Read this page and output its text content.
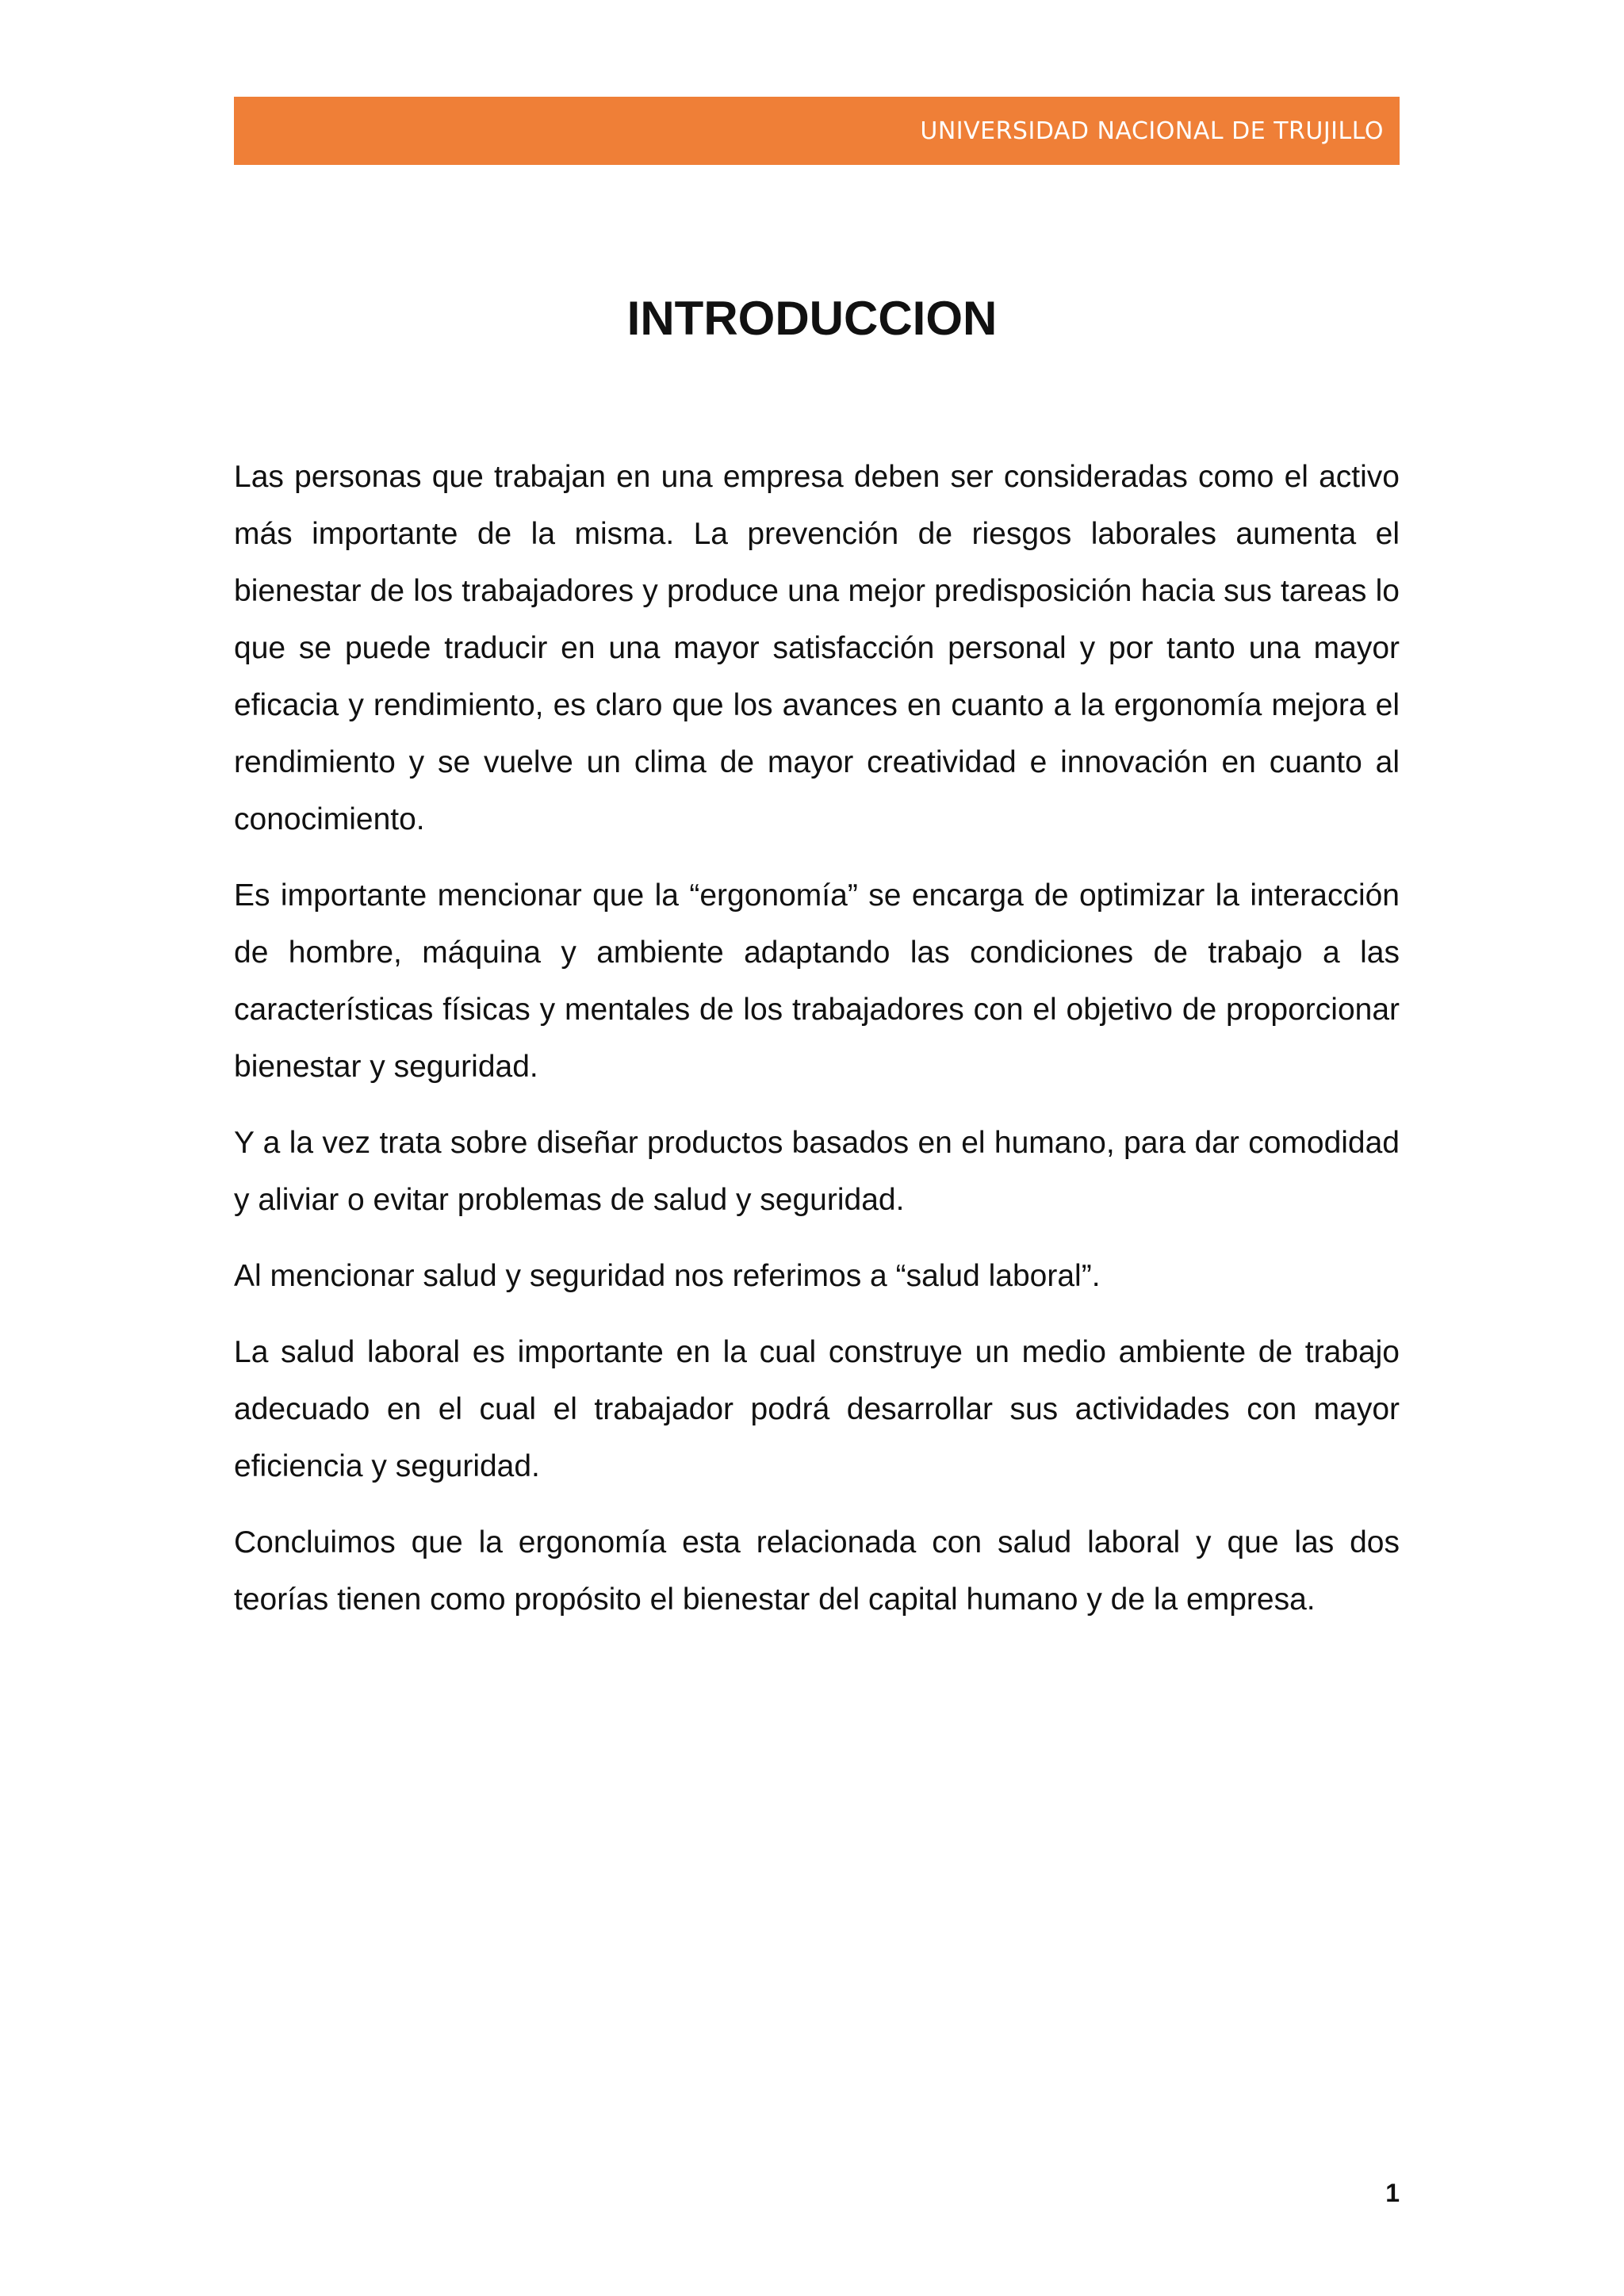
UNIVERSIDAD NACIONAL DE TRUJILLO
INTRODUCCION

Las personas que trabajan en una empresa deben ser consideradas como el activo más importante de la misma. La prevención de riesgos laborales aumenta el bienestar de los trabajadores y produce una mejor predisposición hacia sus tareas lo que se puede traducir en una mayor satisfacción personal y por tanto una mayor eficacia y rendimiento, es claro que los avances en cuanto a la ergonomía mejora el rendimiento y se vuelve un clima de mayor creatividad e innovación en cuanto al conocimiento.

Es importante mencionar que la “ergonomía” se encarga de optimizar la interacción de hombre, máquina y ambiente adaptando las condiciones de trabajo a las características físicas y mentales de los trabajadores con el objetivo de proporcionar bienestar y seguridad.

Y a la vez trata sobre diseñar productos basados en el humano, para dar comodidad y aliviar o evitar problemas de salud y seguridad.

Al mencionar salud y seguridad nos referimos a “salud laboral”.

La salud laboral es importante en la cual construye un medio ambiente de trabajo adecuado en el cual el trabajador podrá desarrollar sus actividades con mayor eficiencia y seguridad.

Concluimos que la ergonomía esta relacionada con salud laboral y que las dos teorías tienen como propósito el bienestar del capital humano y de la empresa.

1
